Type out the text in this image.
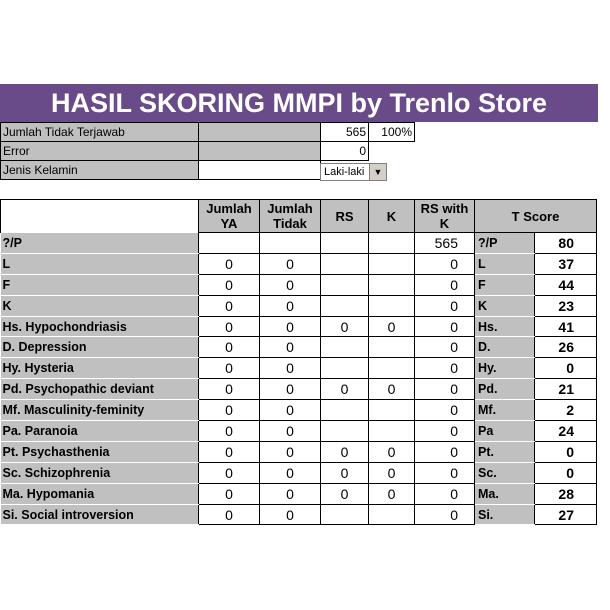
HASIL SKORING MMPI by Trenlo Store
Jumlah Tidak Terjawab		565	100%
Error		0	
Jenis Kelamin				Laki-laki	▼
	Jumlah YA	Jumlah Tidak	RS	K	RS with K	T Score	
?/P					565	?/P	80
L	0	0			0	L	37
F	0	0			0	F	44
K	0	0			0	K	23
Hs. Hypochondriasis	0	0	0	0	0	Hs.	41
D. Depression	0	0			0	D.	26
Hy. Hysteria	0	0			0	Hy.	0
Pd. Psychopathic deviant	0	0	0	0	0	Pd.	21
Mf. Masculinity-feminity	0	0			0	Mf.	2
Pa. Paranoia	0	0			0	Pa	24
Pt. Psychasthenia	0	0	0	0	0	Pt.	0
Sc. Schizophrenia	0	0	0	0	0	Sc.	0
Ma. Hypomania	0	0	0	0	0	Ma.	28
Si. Social introversion	0	0			0	Si.	27
